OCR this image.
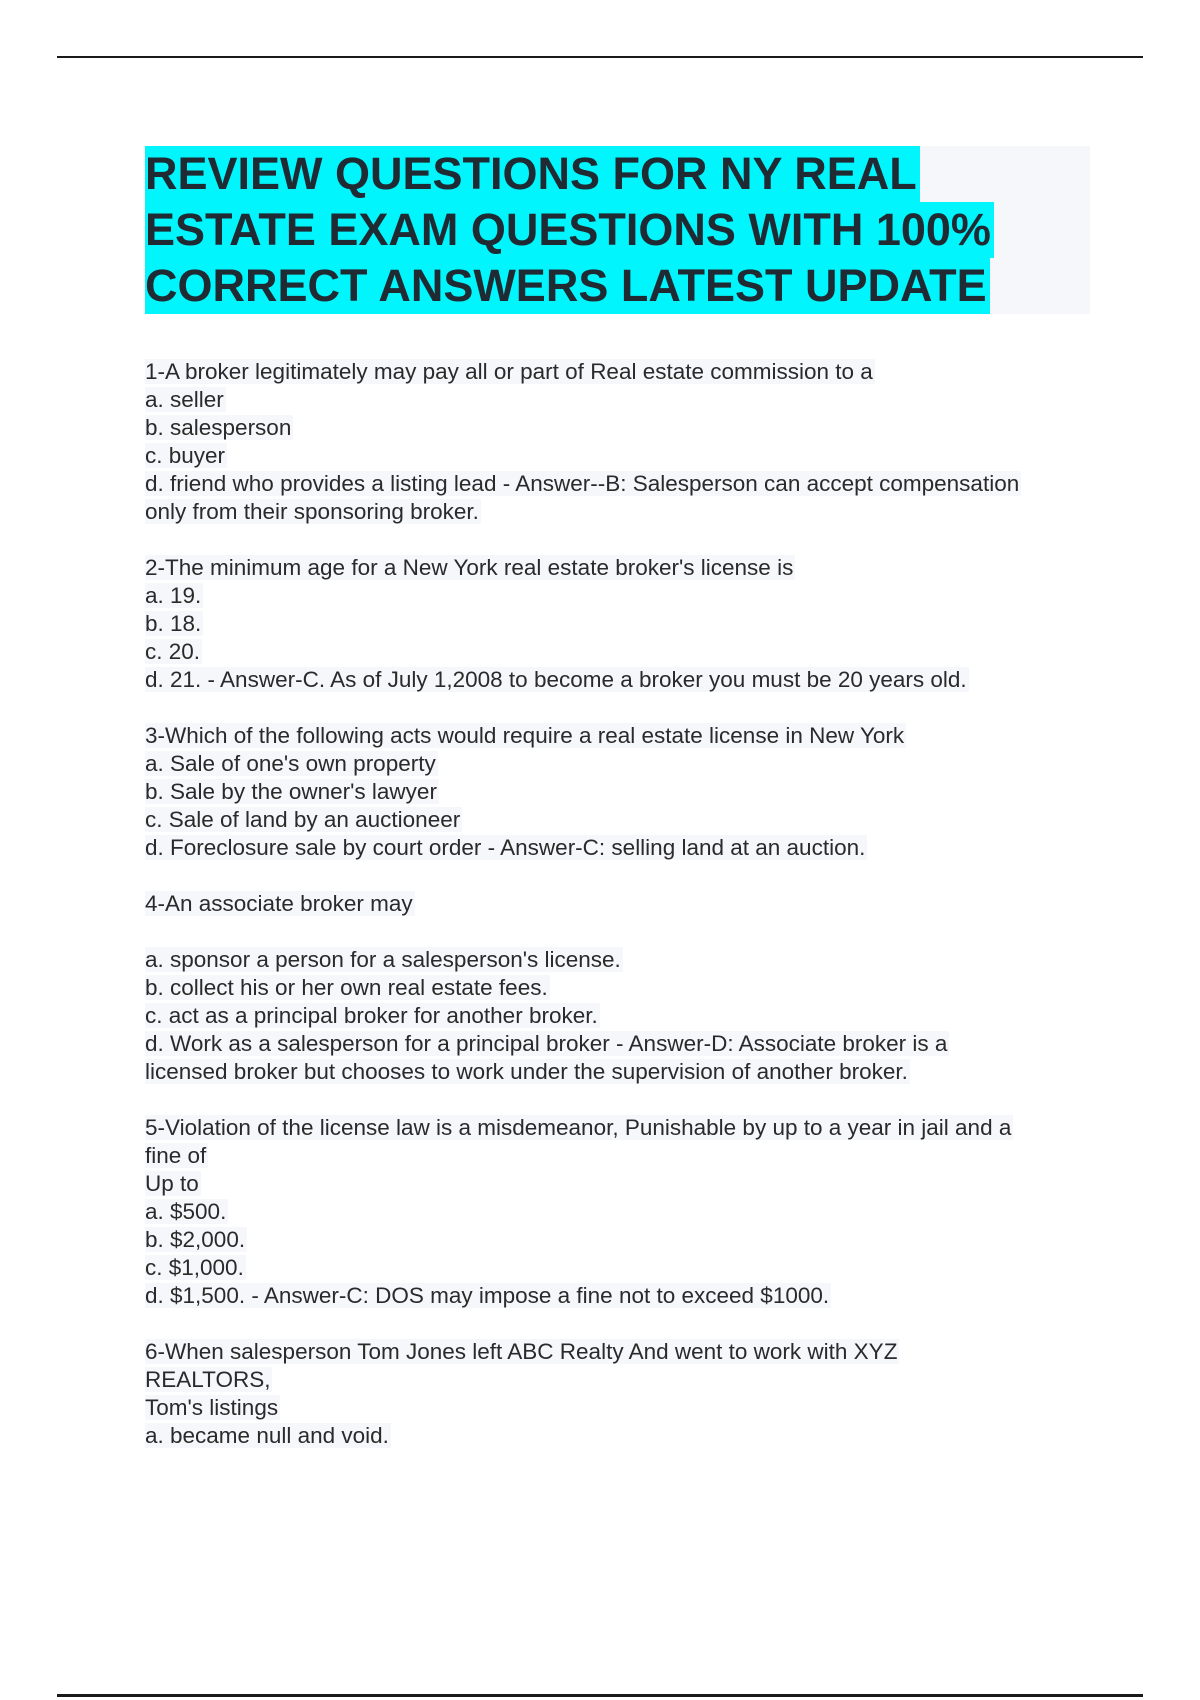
REVIEW QUESTIONS FOR NY REAL
ESTATE EXAM QUESTIONS WITH 100%
CORRECT ANSWERS LATEST UPDATE
1-A broker legitimately may pay all or part of Real estate commission to a
a. seller
b. salesperson
c. buyer
d. friend who provides a listing lead - Answer--B: Salesperson can accept compensation
only from their sponsoring broker.
2-The minimum age for a New York real estate broker's license is
a. 19.
b. 18.
c. 20.
d. 21. - Answer-C. As of July 1,2008 to become a broker you must be 20 years old.
3-Which of the following acts would require a real estate license in New York
a. Sale of one's own property
b. Sale by the owner's lawyer
c. Sale of land by an auctioneer
d. Foreclosure sale by court order - Answer-C: selling land at an auction.
4-An associate broker may
a. sponsor a person for a salesperson's license.
b. collect his or her own real estate fees.
c. act as a principal broker for another broker.
d. Work as a salesperson for a principal broker - Answer-D: Associate broker is a
licensed broker but chooses to work under the supervision of another broker.
5-Violation of the license law is a misdemeanor, Punishable by up to a year in jail and a
fine of
Up to
a. $500.
b. $2,000.
c. $1,000.
d. $1,500. - Answer-C: DOS may impose a fine not to exceed $1000.
6-When salesperson Tom Jones left ABC Realty And went to work with XYZ
REALTORS,
Tom's listings
a. became null and void.
